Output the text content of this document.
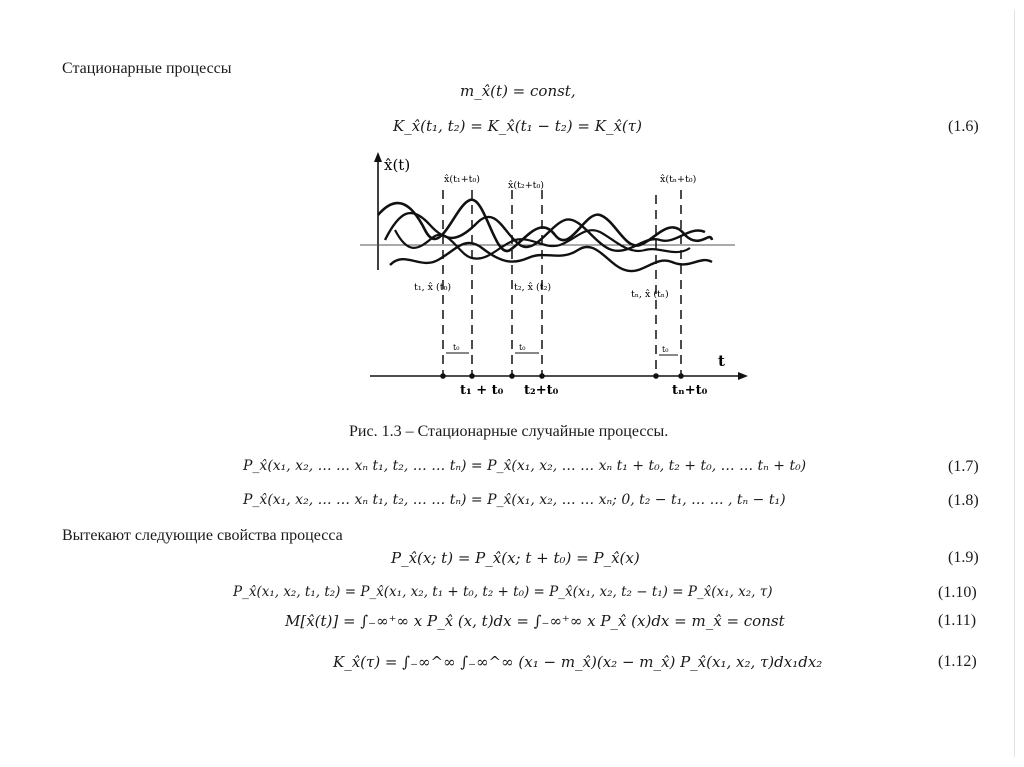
Стационарные процессы
m_x̂(t) = const,
K_x̂(t₁, t₂) = K_x̂(t₁ − t₂) = K_x̂(τ)	(1.6)
x̂(t)
t
x̂(t₁+t₀)
x̂(t₂+t₀)
x̂(tₙ+t₀)
t₁, x̂ (t₀)	t₂, x̂ (t₂)
tₙ, x̂ (tₙ)
t₀	t₀	t₀
t₁ + t₀ t₂+t₀	tₙ+t₀
Рис. 1.3 – Стационарные случайные процессы.
P_x̂(x₁, x₂, … … xₙ t₁, t₂, … … tₙ) = P_x̂(x₁, x₂, … … xₙ t₁ + t₀, t₂ + t₀, … … tₙ + t₀)	(1.7)
P_x̂(x₁, x₂, … … xₙ t₁, t₂, … … tₙ) = P_x̂(x₁, x₂, … … xₙ; 0, t₂ − t₁, … … , tₙ − t₁)	(1.8)
Вытекают следующие свойства процесса
P_x̂(x; t) = P_x̂(x; t + t₀) = P_x̂(x)	(1.9)
P_x̂(x₁, x₂, t₁, t₂) = P_x̂(x₁, x₂, t₁ + t₀, t₂ + t₀) = P_x̂(x₁, x₂, t₂ − t₁) = P_x̂(x₁, x₂, τ)	(1.10)
M[x̂(t)] = ∫₋∞⁺∞ x P_x̂ (x, t)dx = ∫₋∞⁺∞ x P_x̂ (x)dx = m_x̂ = const	(1.11)
K_x̂(τ) = ∫₋∞^∞ ∫₋∞^∞ (x₁ − m_x̂)(x₂ − m_x̂) P_x̂(x₁, x₂, τ)dx₁dx₂	(1.12)
